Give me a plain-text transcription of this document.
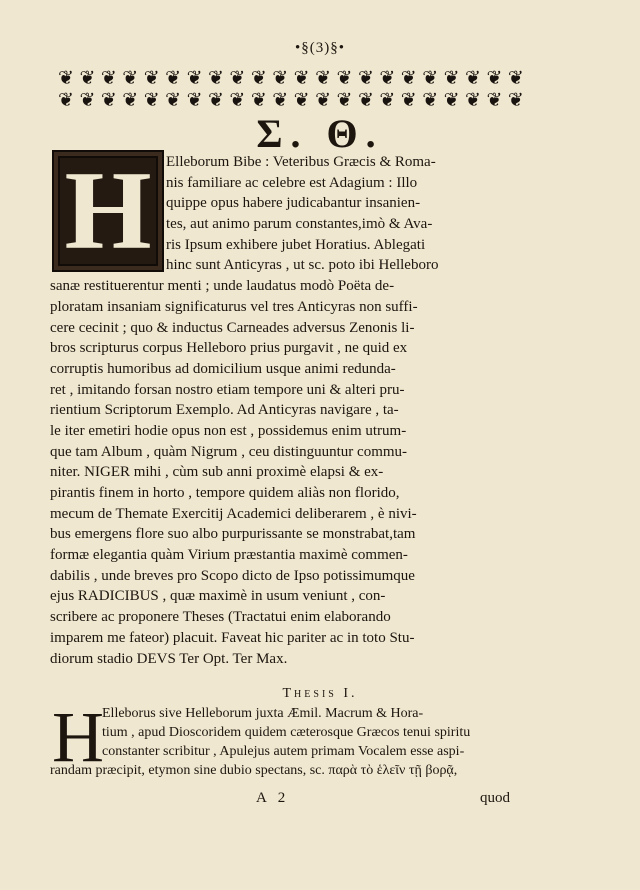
•§(3)§•
❦ ❦ ❦ ❦ ❦ ❦ ❦ ❦ ❦ ❦ ❦ ❦ ❦ ❦ ❦ ❦ ❦ ❦ ❦ ❦ ❦ ❦
❦ ❦ ❦ ❦ ❦ ❦ ❦ ❦ ❦ ❦ ❦ ❦ ❦ ❦ ❦ ❦ ❦ ❦ ❦ ❦ ❦ ❦
Σ. Θ.
H Elleborum Bibe : Veteribus Græcis & Roma-
nis familiare ac celebre est Adagium : Illo
quippe opus habere judicabantur insanien-
tes, aut animo parum constantes,imò & Ava-
ris Ipsum exhibere jubet Horatius. Ablegati
hinc sunt Anticyras , ut sc. poto ibi Helleboro
sanæ restituerentur menti ; unde laudatus modò Poëta de-
ploratam insaniam significaturus vel tres Anticyras non suffi-
cere cecinit ; quo & inductus Carneades adversus Zenonis li-
bros scripturus corpus Helleboro prius purgavit , ne quid ex
corruptis humoribus ad domicilium usque animi redunda-
ret , imitando forsan nostro etiam tempore uni & alteri pru-
rientium Scriptorum Exemplo. Ad Anticyras navigare , ta-
le iter emetiri hodie opus non est , possidemus enim utrum-
que tam Album , quàm Nigrum , ceu distinguuntur commu-
niter. NIGER mihi , cùm sub anni proximè elapsi & ex-
pirantis finem in horto , tempore quidem aliàs non florido,
mecum de Themate Exercitij Academici deliberarem , è nivi-
bus emergens flore suo albo purpurissante se monstrabat,tam
formæ elegantia quàm Virium præstantia maximè commen-
dabilis , unde breves pro Scopo dicto de Ipso potissimumque
ejus RADICIBUS , quæ maximè in usum veniunt , con-
scribere ac proponere Theses (Tractatui enim elaborando
imparem me fateor) placuit. Faveat hic pariter ac in toto Stu-
diorum stadio DEVS Ter Opt. Ter Max.
Thesis I.
H
Elleborus sive Helleborum juxta Æmil. Macrum & Hora-
tium , apud Dioscoridem quidem cæterosque Græcos tenui spiritu
constanter scribitur , Apulejus autem primam Vocalem esse aspi-
randam præcipit, etymon sine dubio spectans, sc. παρὰ τὸ ἑλεῖν τῇ βορᾷ,
A 2	quod
